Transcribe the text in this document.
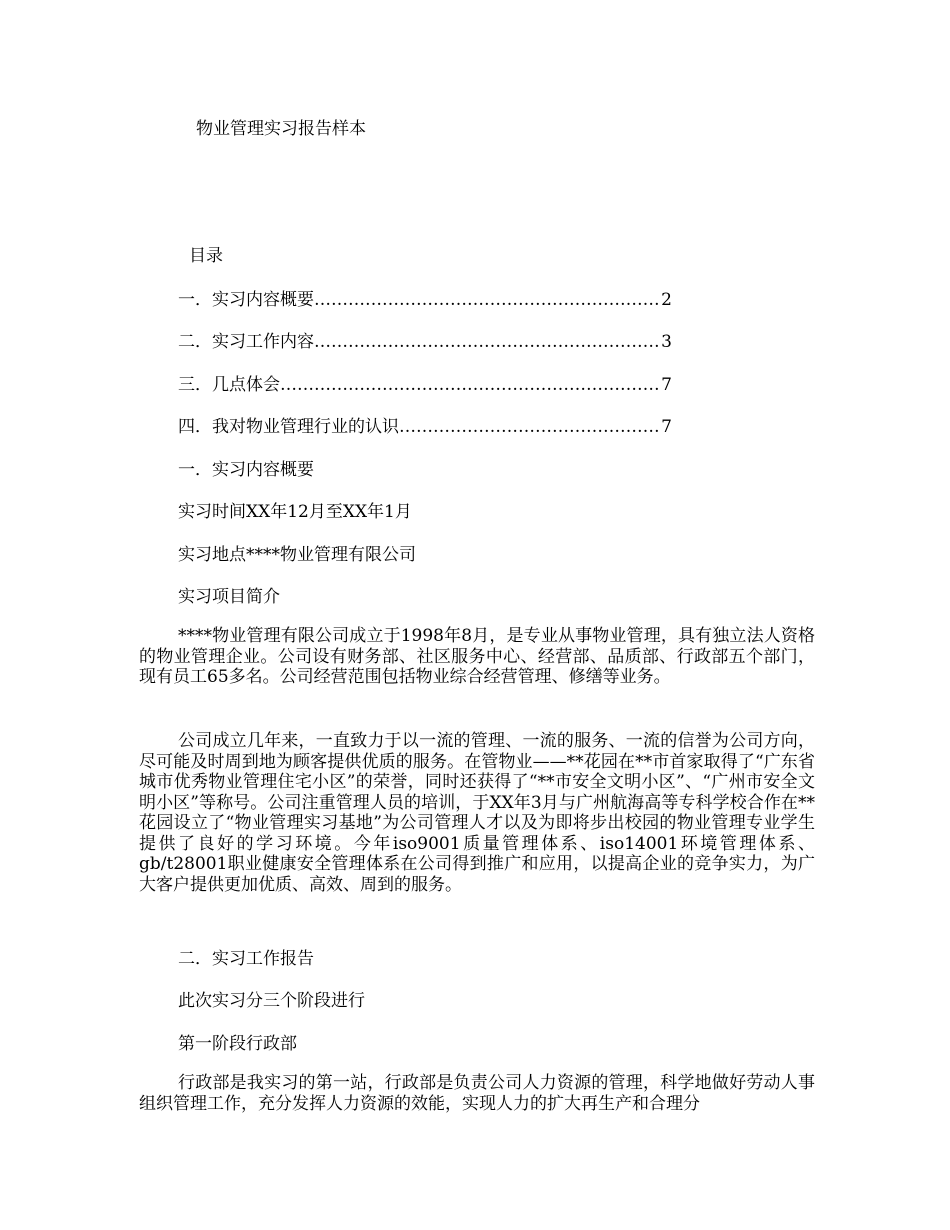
物业管理实习报告样本
目录
一．实习内容概要 ……………………………………………………………………………………………………………………………	2
二．实习工作内容 ……………………………………………………………………………………………………………………………	3
三．几点体会 ……………………………………………………………………………………………………………………………	7
四．我对物业管理行业的认识 ……………………………………………………………………………………………………………………………	7
一．实习内容概要
实习时间XX年12月至XX年1月
实习地点****物业管理有限公司
实习项目简介
****物业管理有限公司成立于1998年8月，是专业从事物业管理，具有独立法人资格的物业管理企业。公司设有财务部、社区服务中心、经营部、品质部、行政部五个部门，现有员工65多名。公司经营范围包括物业综合经营管理、修缮等业务。
公司成立几年来，一直致力于以一流的管理、一流的服务、一流的信誉为公司方向，尽可能及时周到地为顾客提供优质的服务。在管物业——**花园在**市首家取得了“广东省城市优秀物业管理住宅小区”的荣誉，同时还获得了“**市安全文明小区”、“广州市安全文明小区”等称号。公司注重管理人员的培训，于XX年3月与广州航海高等专科学校合作在**花园设立了“物业管理实习基地”为公司管理人才以及为即将步出校园的物业管理专业学生提供了良好的学习环境。今年iso9001质量管理体系、iso14001环境管理体系、gb/t28001职业健康安全管理体系在公司得到推广和应用，以提高企业的竞争实力，为广大客户提供更加优质、高效、周到的服务。
二．实习工作报告
此次实习分三个阶段进行
第一阶段行政部
行政部是我实习的第一站，行政部是负责公司人力资源的管理，科学地做好劳动人事组织管理工作，充分发挥人力资源的效能，实现人力的扩大再生产和合理分
